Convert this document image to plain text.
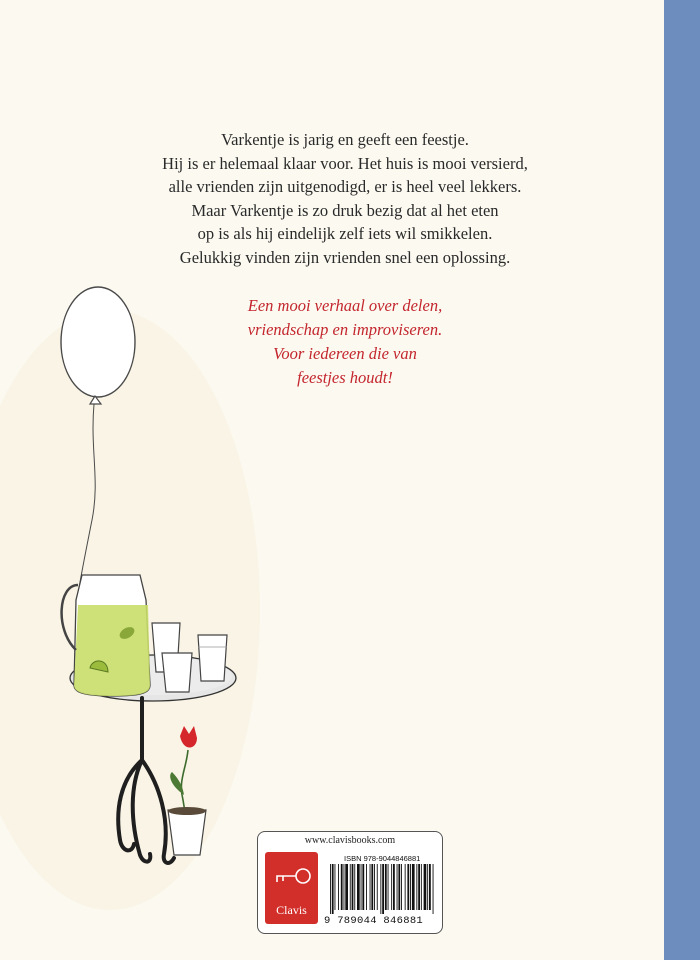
Varkentje is jarig en geeft een feestje.
Hij is er helemaal klaar voor. Het huis is mooi versierd,
alle vrienden zijn uitgenodigd, er is heel veel lekkers.
Maar Varkentje is zo druk bezig dat al het eten
op is als hij eindelijk zelf iets wil smikkelen.
Gelukkig vinden zijn vrienden snel een oplossing.
Een mooi verhaal over delen,
vriendschap en improviseren.
Voor iedereen die van
feestjes houdt!
www.clavisbooks.com
Clavis
ISBN 978-9044846881
9 789044 846881
